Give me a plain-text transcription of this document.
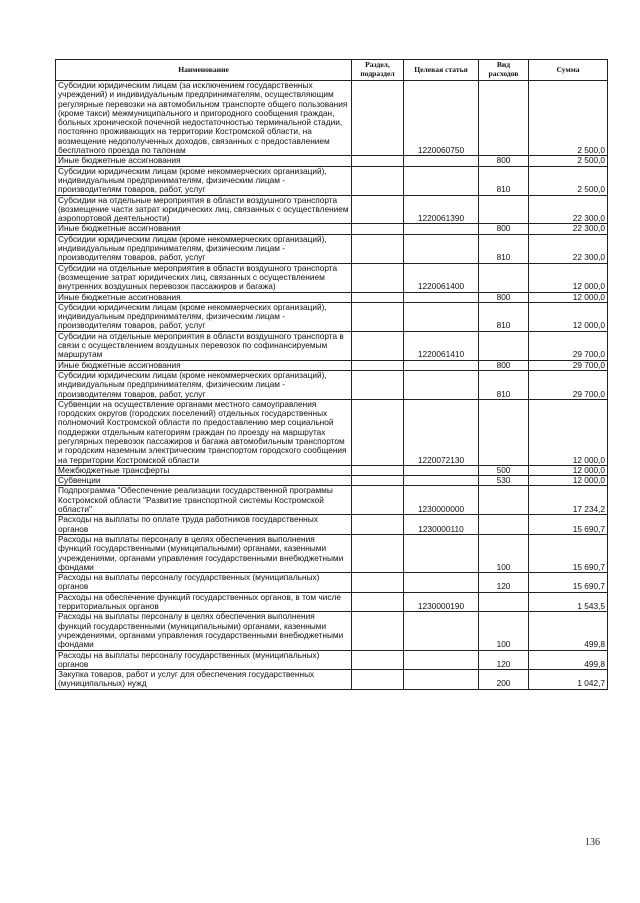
Наименование	Раздел, подраздел	Целевая статья	Вид расходов	Сумма
Субсидии юридическим лицам (за исключением государственных учреждений) и индивидуальным предпринимателям, осуществляющим регулярные перевозки на автомобильном транспорте общего пользования (кроме такси) межмуниципального и пригородного сообщения граждан, больных хронической почечной недостаточностью терминальной стадии, постоянно проживающих на территории Костромской области, на возмещение недополученных доходов, связанных с предоставлением бесплатного проезда по талонам		1220060750		2 500,0
Иные бюджетные ассигнования			800	2 500,0
Субсидии юридическим лицам (кроме некоммерческих организаций), индивидуальным предпринимателям, физическим лицам - производителям товаров, работ, услуг			810	2 500,0
Субсидии на отдельные мероприятия в области воздушного транспорта (возмещение части затрат юридических лиц, связанных с осуществлением аэропортовой деятельности)		1220061390		22 300,0
Иные бюджетные ассигнования			800	22 300,0
Субсидии юридическим лицам (кроме некоммерческих организаций), индивидуальным предпринимателям, физическим лицам - производителям товаров, работ, услуг			810	22 300,0
Субсидии на отдельные мероприятия в области воздушного транспорта (возмещение затрат юридических лиц, связанных с осуществлением внутренних воздушных перевозок пассажиров и багажа)		1220061400		12 000,0
Иные бюджетные ассигнования			800	12 000,0
Субсидии юридическим лицам (кроме некоммерческих организаций), индивидуальным предпринимателям, физическим лицам - производителям товаров, работ, услуг			810	12 000,0
Субсидии на отдельные мероприятия в области воздушного транспорта в связи с осуществлением воздушных перевозок по софинансируемым маршрутам		1220061410		29 700,0
Иные бюджетные ассигнования			800	29 700,0
Субсидии юридическим лицам (кроме некоммерческих организаций), индивидуальным предпринимателям, физическим лицам - производителям товаров, работ, услуг			810	29 700,0
Субвенции на осуществление органами местного самоуправления городских округов (городских поселений) отдельных государственных полномочий Костромской области по предоставлению мер социальной поддержки отдельным категориям граждан по проезду на маршрутах регулярных перевозок пассажиров и багажа автомобильным транспортом и городским наземным электрическим транспортом городского сообщения на территории Костромской области		1220072130		12 000,0
Межбюджетные трансферты			500	12 000,0
Субвенции			530	12 000,0
Подпрограмма "Обеспечение реализации государственной программы Костромской области "Развитие транспортной системы Костромской области"		1230000000		17 234,2
Расходы на выплаты по оплате труда работников государственных органов		1230000110		15 690,7
Расходы на выплаты персоналу в целях обеспечения выполнения функций государственными (муниципальными) органами, казенными учреждениями, органами управления государственными внебюджетными фондами			100	15 690,7
Расходы на выплаты персоналу государственных (муниципальных) органов			120	15 690,7
Расходы на обеспечение функций государственных органов, в том числе территориальных органов		1230000190		1 543,5
Расходы на выплаты персоналу в целях обеспечения выполнения функций государственными (муниципальными) органами, казенными учреждениями, органами управления государственными внебюджетными фондами			100	499,8
Расходы на выплаты персоналу государственных (муниципальных) органов			120	499,8
Закупка товаров, работ и услуг для обеспечения государственных (муниципальных) нужд			200	1 042,7
136
